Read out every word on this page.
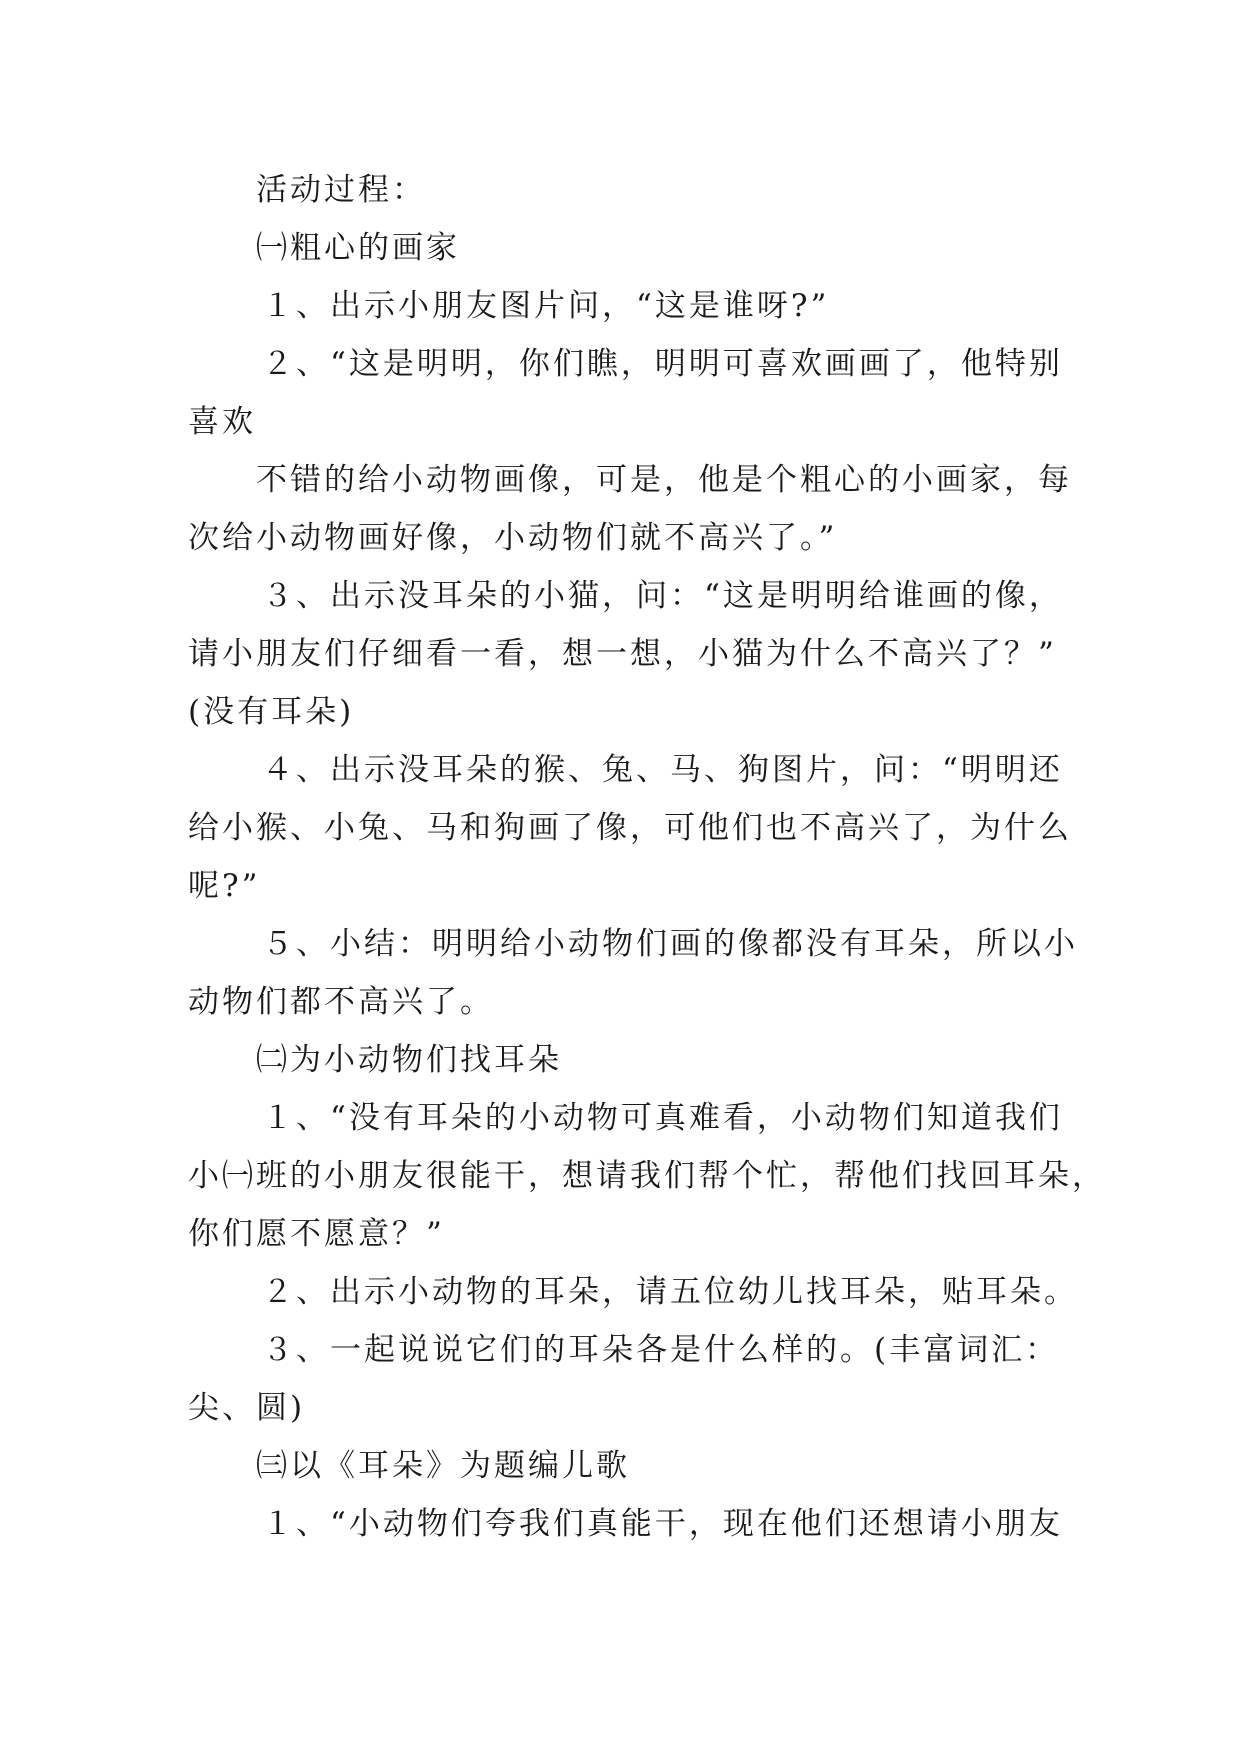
活动过程：
㈠粗心的画家
１、出示小朋友图片问，“这是谁呀?”
２、“这是明明，你们瞧，明明可喜欢画画了，他特别
喜欢
不错的给小动物画像，可是，他是个粗心的小画家，每
次给小动物画好像，小动物们就不高兴了。”
３、出示没耳朵的小猫，问：“这是明明给谁画的像，
请小朋友们仔细看一看，想一想，小猫为什么不高兴了？”
(没有耳朵)
４、出示没耳朵的猴、兔、马、狗图片，问：“明明还
给小猴、小兔、马和狗画了像，可他们也不高兴了，为什么
呢?”
５、小结：明明给小动物们画的像都没有耳朵，所以小
动物们都不高兴了。
㈡为小动物们找耳朵
１、“没有耳朵的小动物可真难看，小动物们知道我们
小㈠班的小朋友很能干，想请我们帮个忙，帮他们找回耳朵，
你们愿不愿意？”
２、出示小动物的耳朵，请五位幼儿找耳朵，贴耳朵。
３、一起说说它们的耳朵各是什么样的。(丰富词汇：
尖、圆)
㈢以《耳朵》为题编儿歌
１、“小动物们夸我们真能干，现在他们还想请小朋友
